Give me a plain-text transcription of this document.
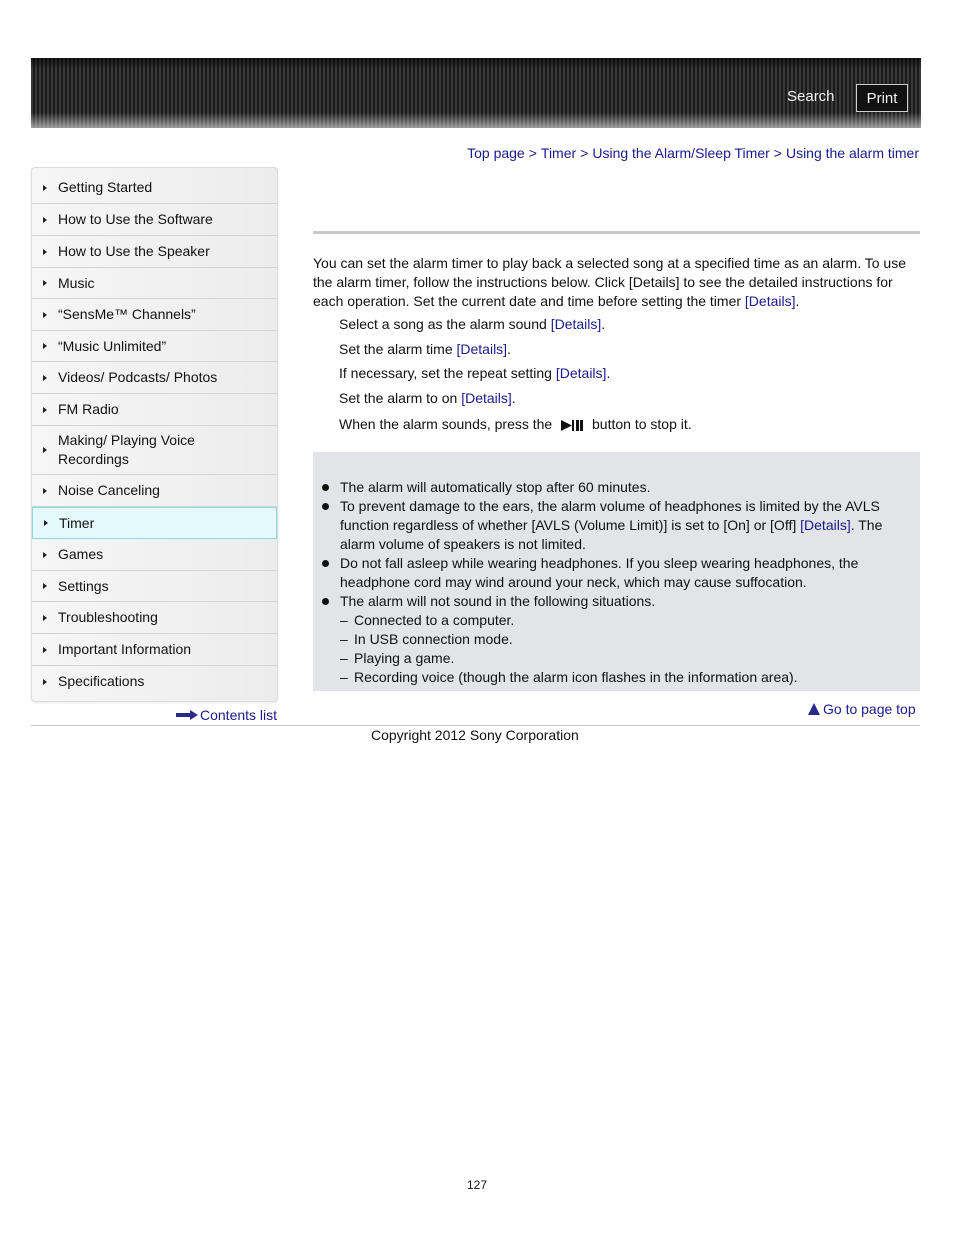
Search	Print
Top page > Timer > Using the Alarm/Sleep Timer > Using the alarm timer
Getting Started
How to Use the Software
How to Use the Speaker
Music
“SensMe™ Channels”
“Music Unlimited”
Videos/ Podcasts/ Photos
FM Radio
Making/ Playing Voice Recordings
Noise Canceling
Timer
Games
Settings
Troubleshooting
Important Information
Specifications
Contents list
You can set the alarm timer to play back a selected song at a specified time as an alarm. To use the alarm timer, follow the instructions below. Click [Details] to see the detailed instructions for each operation. Set the current date and time before setting the timer [Details].
Select a song as the alarm sound [Details].
Set the alarm time [Details].
If necessary, set the repeat setting [Details].
Set the alarm to on [Details].
When the alarm sounds, press the	button to stop it.

The alarm will automatically stop after 60 minutes.

To prevent damage to the ears, the alarm volume of headphones is limited by the AVLS function regardless of whether [AVLS (Volume Limit)] is set to [On] or [Off] [Details]. The alarm volume of speakers is not limited.

Do not fall asleep while wearing headphones. If you sleep wearing headphones, the headphone cord may wind around your neck, which may cause suffocation.

The alarm will not sound in the following situations.

– Connected to a computer.
– In USB connection mode.
– Playing a game.
– Recording voice (though the alarm icon flashes in the information area).
Go to page top
Copyright 2012 Sony Corporation
127
